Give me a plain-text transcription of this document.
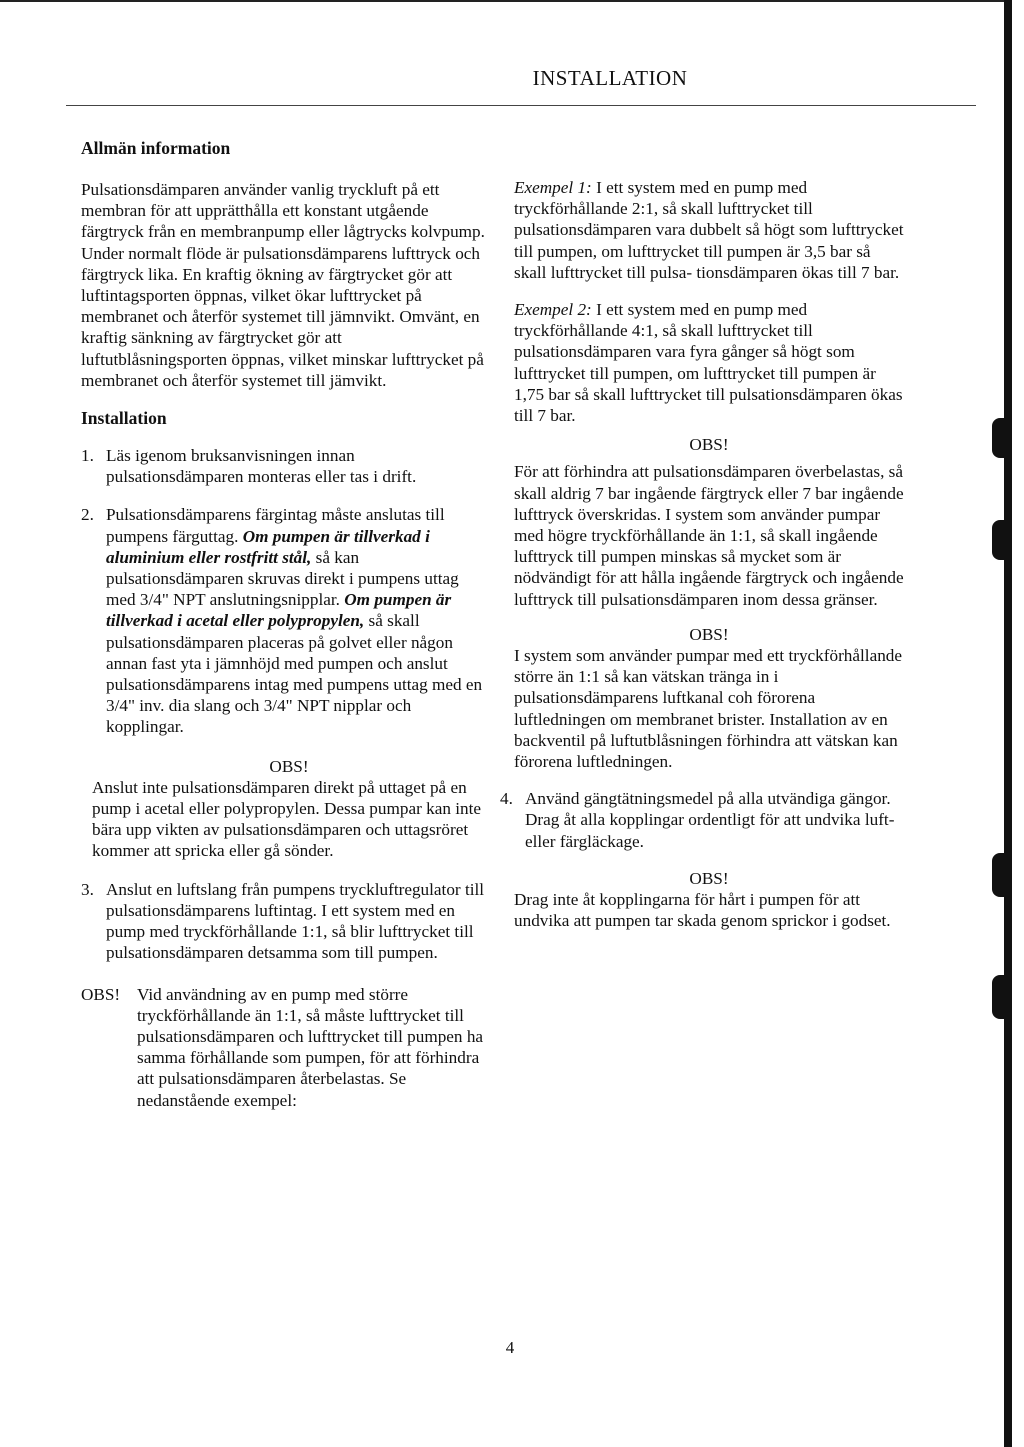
INSTALLATION
Allmän information

Pulsationsdämparen använder vanlig tryckluft på ett membran för att upprätthålla ett konstant utgående färgtryck från en membranpump eller lågtrycks kolvpump. Under normalt flöde är pulsationsdämparens lufttryck och färgtryck lika. En kraftig ökning av färgtrycket gör att luftintagsporten öppnas, vilket ökar lufttrycket på membranet och återför systemet till jämnvikt. Omvänt, en kraftig sänkning av färgtrycket gör att luftutblåsningsporten öppnas, vilket minskar lufttrycket på membranet och återför systemet till jämvikt.

Installation
1. Läs igenom bruksanvisningen innan pulsationsdämparen monteras eller tas i drift.

2. Pulsationsdämparens färgintag måste anslutas till pumpens färguttag. Om pumpen är tillverkad i aluminium eller rostfritt stål, så kan pulsationsdämparen skruvas direkt i pumpens uttag med 3/4" NPT anslutningsnipplar. Om pumpen är tillverkad i acetal eller polypropylen, så skall pulsationsdämparen placeras på golvet eller någon annan fast yta i jämnhöjd med pumpen och anslut pulsationsdämparens intag med pumpens uttag med en 3/4" inv. dia slang och 3/4" NPT nipplar och kopplingar.

OBS!

Anslut inte pulsationsdämparen direkt på uttaget på en pump i acetal eller polypropylen. Dessa pumpar kan inte bära upp vikten av pulsationsdämparen och uttagsröret kommer att spricka eller gå sönder.

3. Anslut en luftslang från pumpens tryckluftregulator till pulsationsdämparens luftintag. I ett system med en pump med tryckförhållande 1:1, så blir lufttrycket till pulsationsdämparen detsamma som till pumpen.

OBS! Vid användning av en pump med större tryckförhållande än 1:1, så måste lufttrycket till pulsationsdämparen och lufttrycket till pumpen ha samma förhållande som pumpen, för att förhindra att pulsationsdämparen återbelastas. Se nedanstående exempel:

Exempel 1: I ett system med en pump med tryckförhållande 2:1, så skall lufttrycket till pulsationsdämparen vara dubbelt så högt som lufttrycket till pumpen, om lufttrycket till pumpen är 3,5 bar så skall lufttrycket till pulsa- tionsdämparen ökas till 7 bar.

Exempel 2: I ett system med en pump med tryckförhållande 4:1, så skall lufttrycket till pulsationsdämparen vara fyra gånger så högt som lufttrycket till pumpen, om lufttrycket till pumpen är 1,75 bar så skall lufttrycket till pulsationsdämparen ökas till 7 bar.

OBS!

För att förhindra att pulsationsdämparen överbelastas, så skall aldrig 7 bar ingående färgtryck eller 7 bar ingående lufttryck överskridas. I system som använder pumpar med högre tryckförhållande än 1:1, så skall ingående lufttryck till pumpen minskas så mycket som är nödvändigt för att hålla ingående färgtryck och ingående lufttryck till pulsationsdämparen inom dessa gränser.

OBS!

I system som använder pumpar med ett tryckförhållande större än 1:1 så kan vätskan tränga in i pulsationsdämparens luftkanal coh förorena luftledningen om membranet brister. Installation av en backventil på luftutblåsningen förhindra att vätskan kan förorena luftledningen.

4. Använd gängtätningsmedel på alla utvändiga gängor. Drag åt alla kopplingar ordentligt för att undvika luft- eller färgläckage.

OBS!

Drag inte åt kopplingarna för hårt i pumpen för att undvika att pumpen tar skada genom sprickor i godset.

4
